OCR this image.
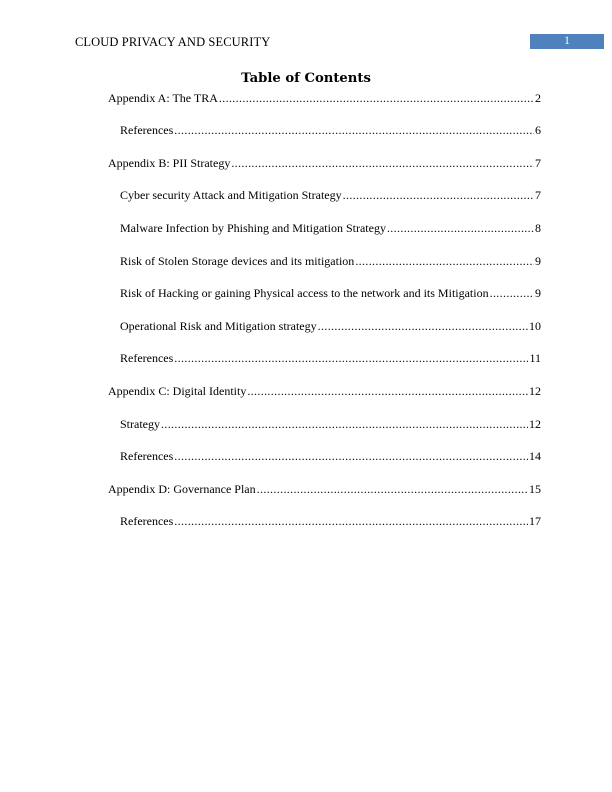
CLOUD PRIVACY AND SECURITY	1
Table of Contents
Appendix A: The TRA .....	2
References .....	6
Appendix B: PII Strategy .....	7
Cyber security Attack and Mitigation Strategy .....	7
Malware Infection by Phishing and Mitigation Strategy .....	8
Risk of Stolen Storage devices and its mitigation .....	9
Risk of Hacking or gaining Physical access to the network and its Mitigation .....	9
Operational Risk and Mitigation strategy .....	10
References .....	11
Appendix C: Digital Identity .....	12
Strategy .....	12
References .....	14
Appendix D: Governance Plan .....	15
References .....	17
